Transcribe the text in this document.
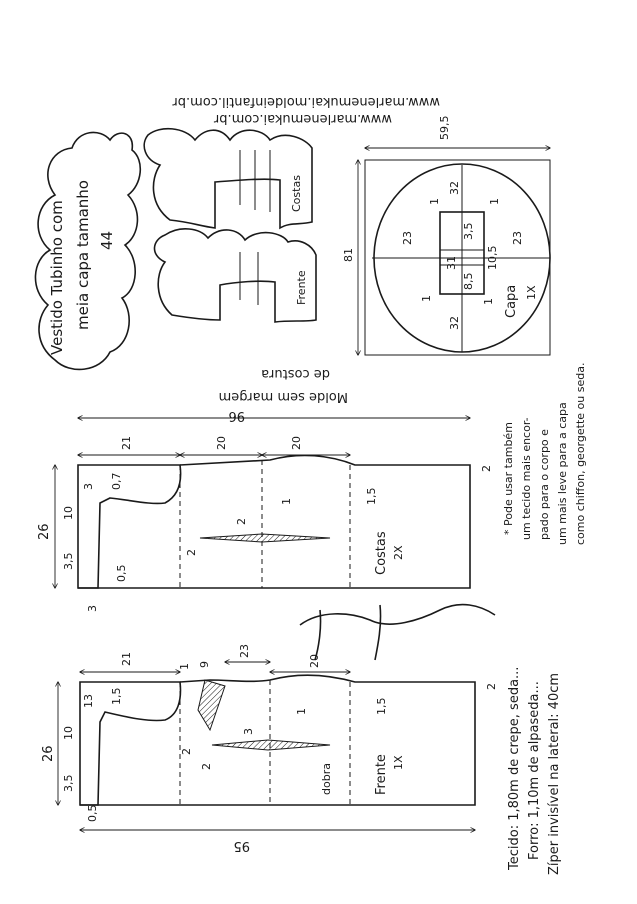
www.marlenemukai.com.br
www.marlenemukai.moldeinfantil.com.br
Vestido Tubinho com meia capa tamanho 44
Costas
Frente
Molde sem margem
de costura
59,5
81
23	23
32
32
31
3,5
8,5
10,5
1	1
1	1 Capa 1X
96
26
21	20	20
3
10
3,5
0,7
0,5
3
2
2
1,5
1
2
Costas 2X
21
23
20
26
95
13
10
3,5
1,5
0,5
1 9
2
2
3
1	1,5
2
dobra	Frente 1X	Tecido: 1,80m de crepe, seda... Forro: 1,10m de alpaseda... Zíper invisível na lateral: 40cm
* Pode usar também um tecido mais encor- pado para o corpo e um mais leve para a capa como chiffon, georgette ou seda.
